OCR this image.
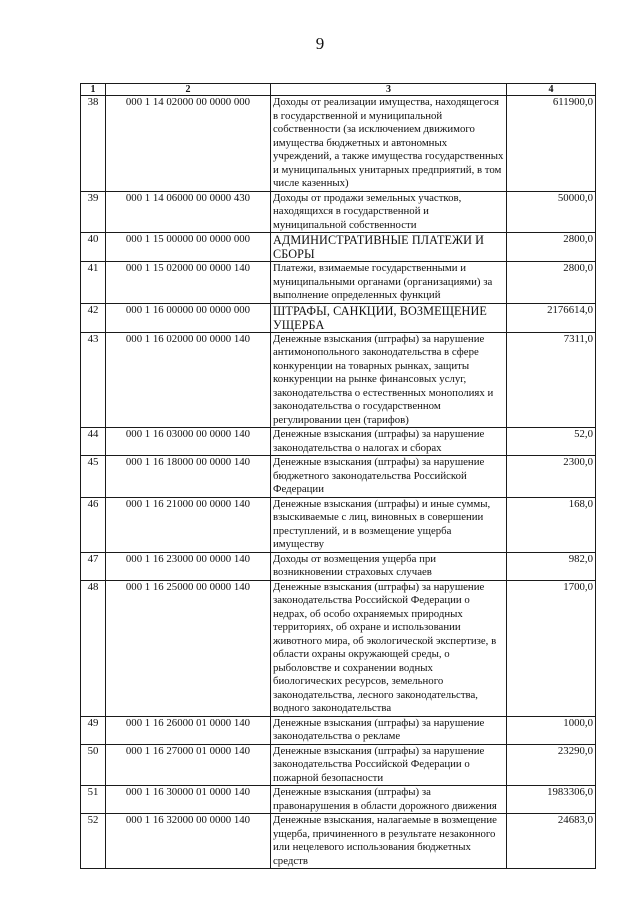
9
1	2	3	4
38	000 1 14 02000 00 0000 000	Доходы от реализации имущества, находящегося в государственной и муниципальной собственности (за исключением движимого имущества бюджетных и автономных учреждений, а также имущества государственных и муниципальных унитарных предприятий, в том числе казенных)	611900,0
39	000 1 14 06000 00 0000 430	Доходы от продажи земельных участков, находящихся в государственной и муниципальной собственности	50000,0
40	000 1 15 00000 00 0000 000	АДМИНИСТРАТИВНЫЕ ПЛАТЕЖИ И СБОРЫ	2800,0
41	000 1 15 02000 00 0000 140	Платежи, взимаемые государственными и муниципальными органами (организациями) за выполнение определенных функций	2800,0
42	000 1 16 00000 00 0000 000	ШТРАФЫ, САНКЦИИ, ВОЗМЕЩЕНИЕ УЩЕРБА	2176614,0
43	000 1 16 02000 00 0000 140	Денежные взыскания (штрафы) за нарушение антимонопольного законодательства в сфере конкуренции на товарных рынках, защиты конкуренции на рынке финансовых услуг, законодательства о естественных монополиях и законодательства о государственном регулировании цен (тарифов)	7311,0
44	000 1 16 03000 00 0000 140	Денежные взыскания (штрафы) за нарушение законодательства о налогах и сборах	52,0
45	000 1 16 18000 00 0000 140	Денежные взыскания (штрафы) за нарушение бюджетного законодательства Российской Федерации	2300,0
46	000 1 16 21000 00 0000 140	Денежные взыскания (штрафы) и иные суммы, взыскиваемые с лиц, виновных в совершении преступлений, и в возмещение ущерба имуществу	168,0
47	000 1 16 23000 00 0000 140	Доходы от возмещения ущерба при возникновении страховых случаев	982,0
48	000 1 16 25000 00 0000 140	Денежные взыскания (штрафы) за нарушение законодательства Российской Федерации о недрах, об особо охраняемых природных территориях, об охране и использовании животного мира, об экологической экспертизе, в области охраны окружающей среды, о рыболовстве и сохранении водных биологических ресурсов, земельного законодательства, лесного законодательства, водного законодательства	1700,0
49	000 1 16 26000 01 0000 140	Денежные взыскания (штрафы) за нарушение законодательства о рекламе	1000,0
50	000 1 16 27000 01 0000 140	Денежные взыскания (штрафы) за нарушение законодательства Российской Федерации о пожарной безопасности	23290,0
51	000 1 16 30000 01 0000 140	Денежные взыскания (штрафы) за правонарушения в области дорожного движения	1983306,0
52	000 1 16 32000 00 0000 140	Денежные взыскания, налагаемые в возмещение ущерба, причиненного в результате незаконного или нецелевого использования бюджетных средств	24683,0
